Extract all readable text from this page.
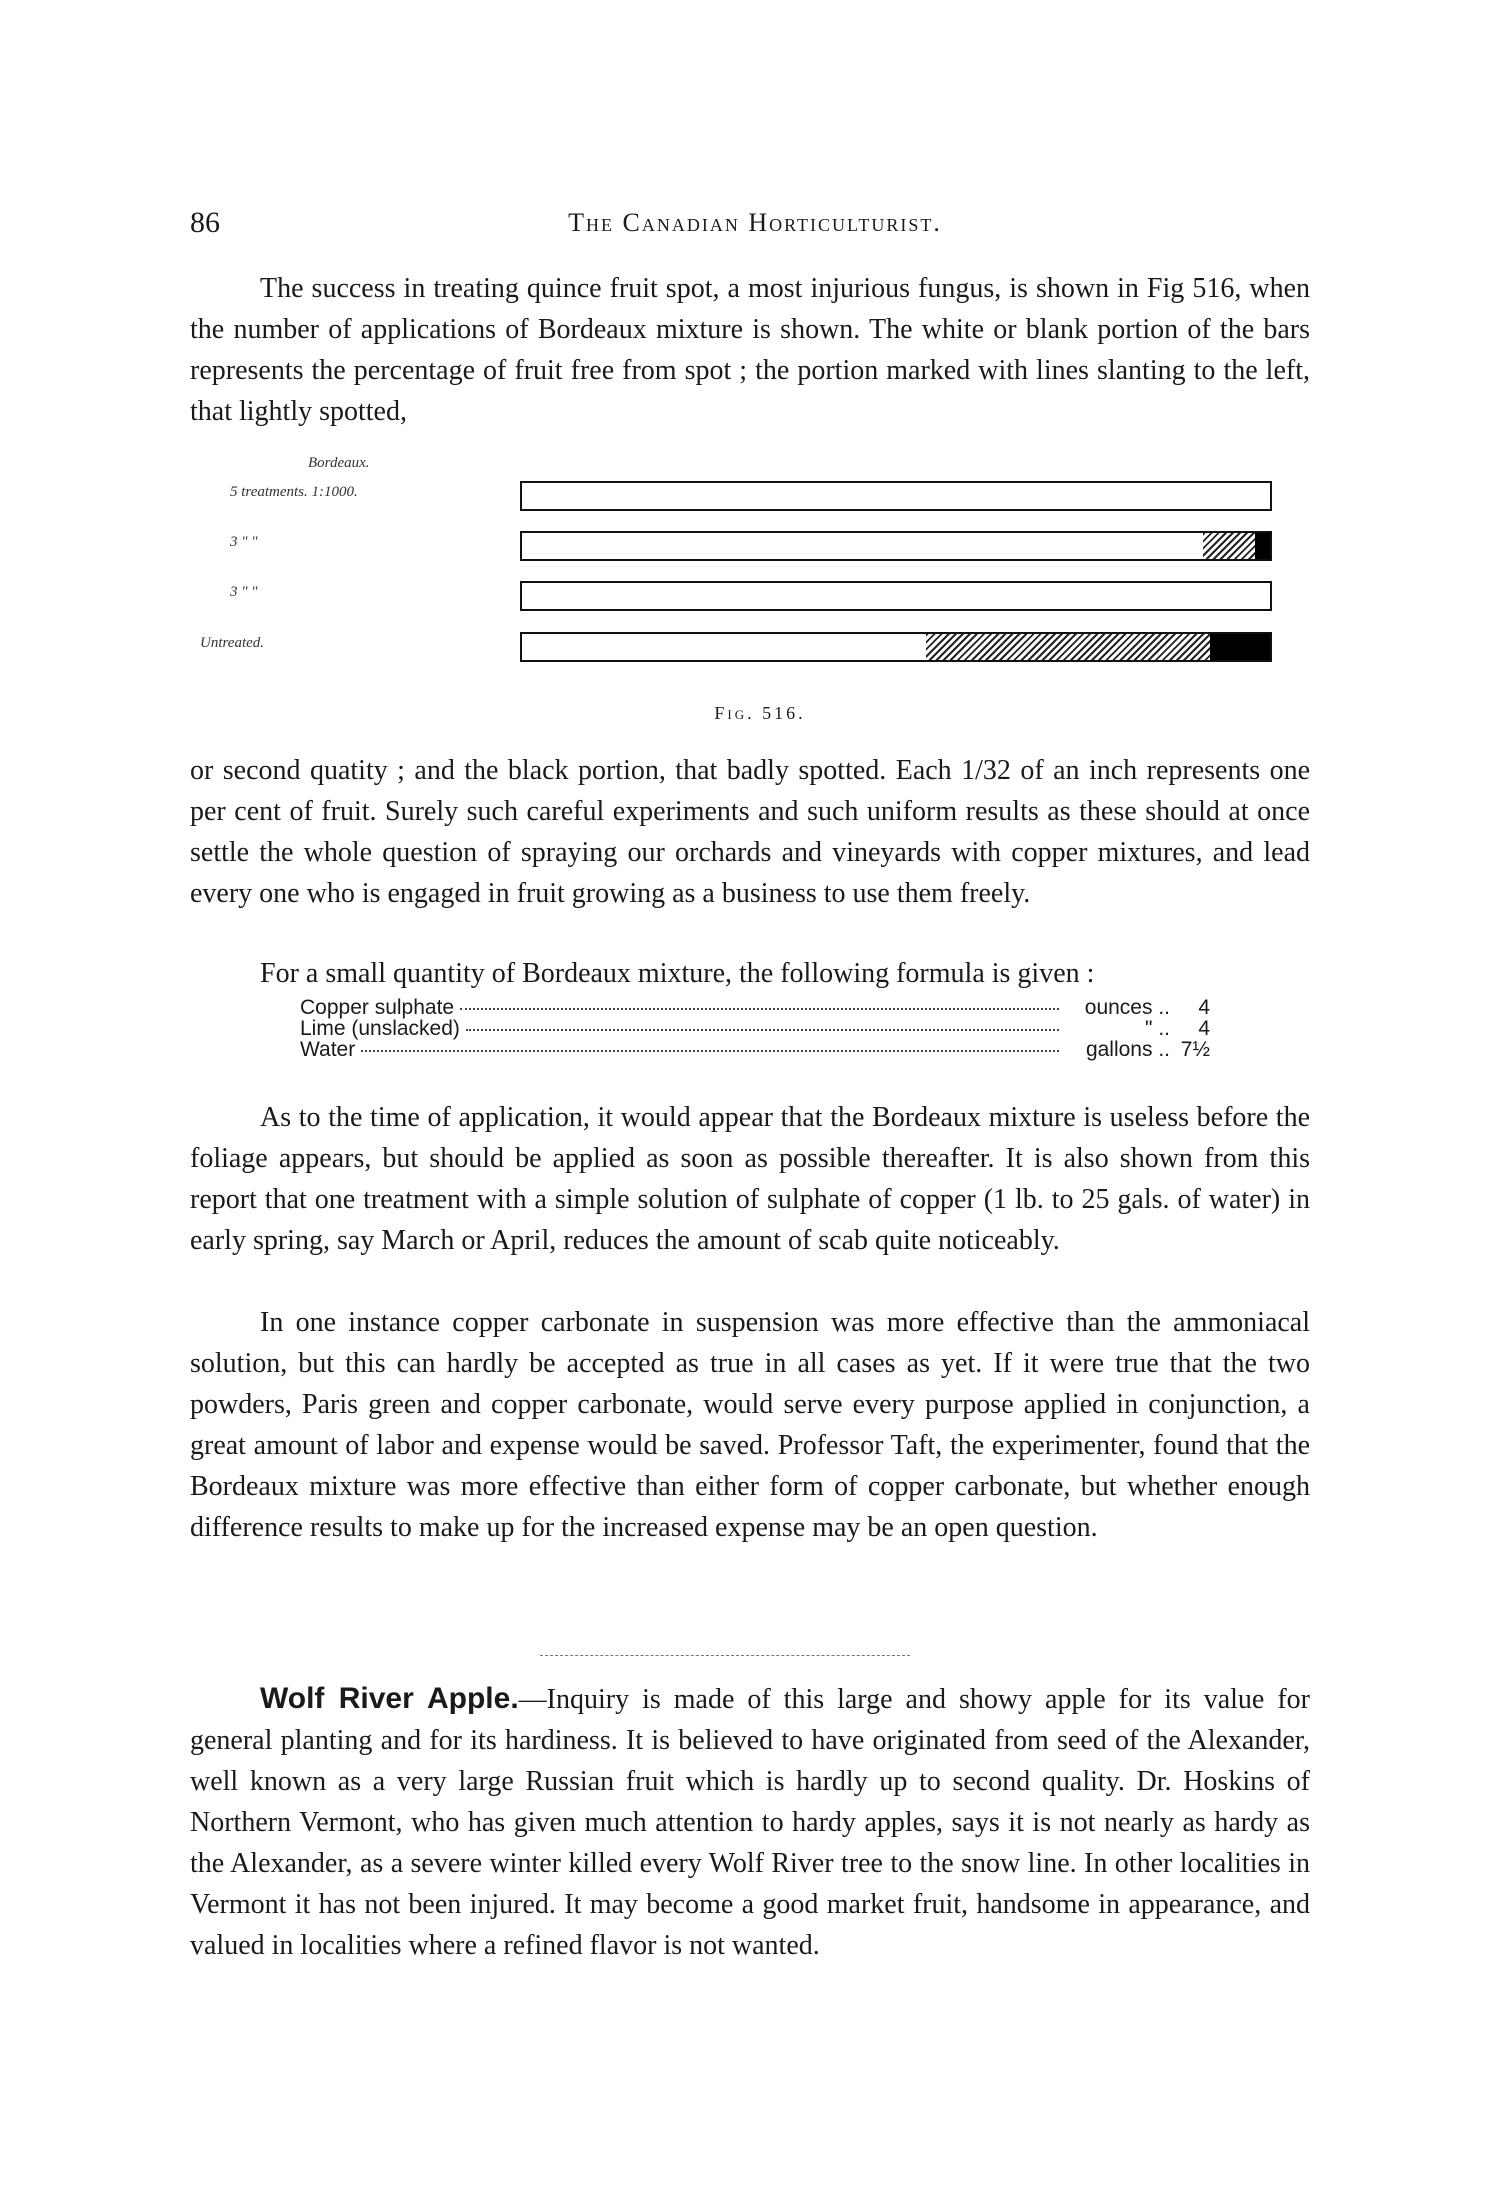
86	The Canadian Horticulturist.

The success in treating quince fruit spot, a most injurious fungus, is shown in Fig 516, when the number of applications of Bordeaux mixture is shown. The white or blank portion of the bars represents the percentage of fruit free from spot ; the portion marked with lines slanting to the left, that lightly spotted,

Bordeaux.
5 treatments. 1:1000.
3 " "
3 " "
Untreated.
Fig. 516.

or second quatity ; and the black portion, that badly spotted. Each 1/32 of an inch represents one per cent of fruit. Surely such careful experiments and such uniform results as these should at once settle the whole question of spraying our orchards and vineyards with copper mixtures, and lead every one who is engaged in fruit growing as a business to use them freely.

For a small quantity of Bordeaux mixture, the following formula is given :

Copper sulphate	ounces ..	4
Lime (unslacked)	" ..	4
Water	gallons .. 7½

As to the time of application, it would appear that the Bordeaux mixture is useless before the foliage appears, but should be applied as soon as possible thereafter. It is also shown from this report that one treatment with a simple solution of sulphate of copper (1 lb. to 25 gals. of water) in early spring, say March or April, reduces the amount of scab quite noticeably.

In one instance copper carbonate in suspension was more effective than the ammoniacal solution, but this can hardly be accepted as true in all cases as yet. If it were true that the two powders, Paris green and copper carbonate, would serve every purpose applied in conjunction, a great amount of labor and expense would be saved. Professor Taft, the experimenter, found that the Bordeaux mixture was more effective than either form of copper carbonate, but whether enough difference results to make up for the increased expense may be an open question.

Wolf River Apple.—Inquiry is made of this large and showy apple for its value for general planting and for its hardiness. It is believed to have originated from seed of the Alexander, well known as a very large Russian fruit which is hardly up to second quality. Dr. Hoskins of Northern Vermont, who has given much attention to hardy apples, says it is not nearly as hardy as the Alexander, as a severe winter killed every Wolf River tree to the snow line. In other localities in Vermont it has not been injured. It may become a good market fruit, handsome in appearance, and valued in localities where a refined flavor is not wanted.
